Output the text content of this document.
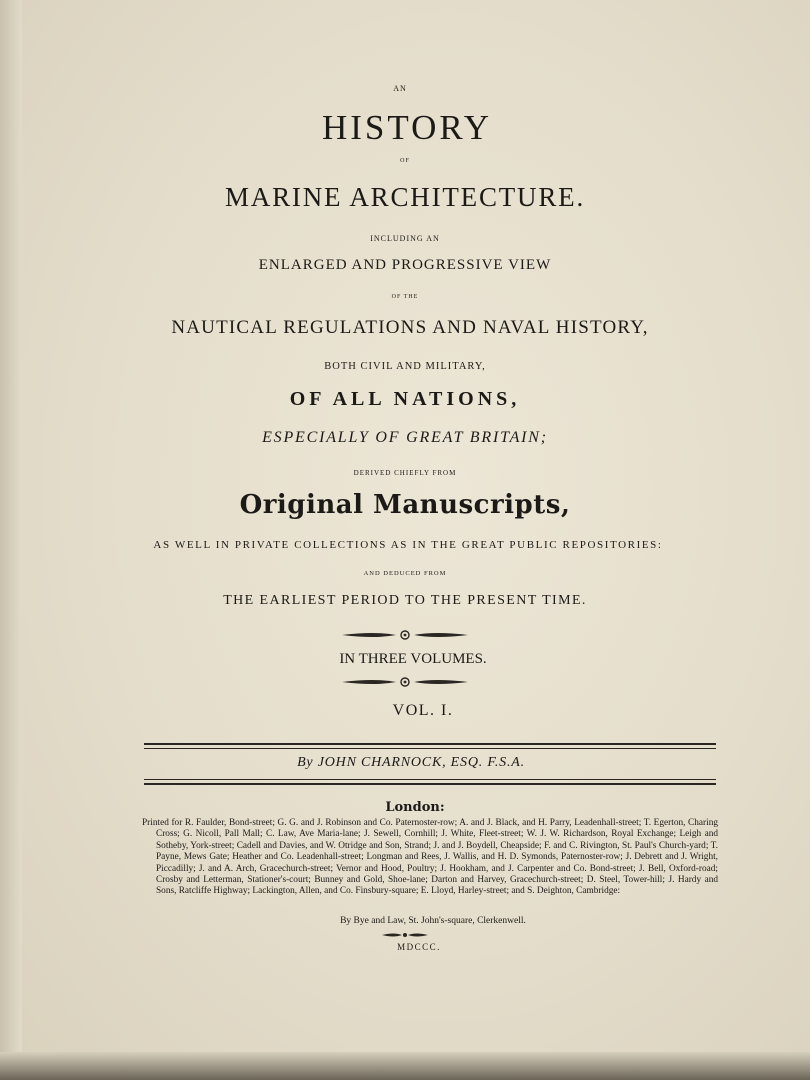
AN
HISTORY
OF
MARINE ARCHITECTURE.
INCLUDING AN
ENLARGED AND PROGRESSIVE VIEW
OF THE
NAUTICAL REGULATIONS AND NAVAL HISTORY,
BOTH CIVIL AND MILITARY,
OF ALL NATIONS,
ESPECIALLY OF GREAT BRITAIN;
DERIVED CHIEFLY FROM
Original Manuscripts,
AS WELL IN PRIVATE COLLECTIONS AS IN THE GREAT PUBLIC REPOSITORIES:
AND DEDUCED FROM
THE EARLIEST PERIOD TO THE PRESENT TIME.
IN THREE VOLUMES.
VOL. I.
By JOHN CHARNOCK, ESQ. F.S.A.
London:

Printed for R. Faulder, Bond-street; G. G. and J. Robinson and Co. Paternoster-row; A. and J. Black, and H. Parry, Leadenhall-street; T. Egerton, Charing Cross; G. Nicoll, Pall Mall; C. Law, Ave Maria-lane; J. Sewell, Cornhill; J. White, Fleet-street; W. J. W. Richardson, Royal Exchange; Leigh and Sotheby, York-street; Cadell and Davies, and W. Otridge and Son, Strand; J. and J. Boydell, Cheapside; F. and C. Rivington, St. Paul's Church-yard; T. Payne, Mews Gate; Heather and Co. Leadenhall-street; Longman and Rees, J. Wallis, and H. D. Symonds, Paternoster-row; J. Debrett and J. Wright, Piccadilly; J. and A. Arch, Gracechurch-street; Vernor and Hood, Poultry; J. Hookham, and J. Carpenter and Co. Bond-street; J. Bell, Oxford-road; Crosby and Letterman, Stationer's-court; Bunney and Gold, Shoe-lane; Darton and Harvey, Gracechurch-street; D. Steel, Tower-hill; J. Hardy and Sons, Ratcliffe Highway; Lackington, Allen, and Co. Finsbury-square; E. Lloyd, Harley-street; and S. Deighton, Cambridge:

By Bye and Law, St. John's-square, Clerkenwell.
MDCCC.
